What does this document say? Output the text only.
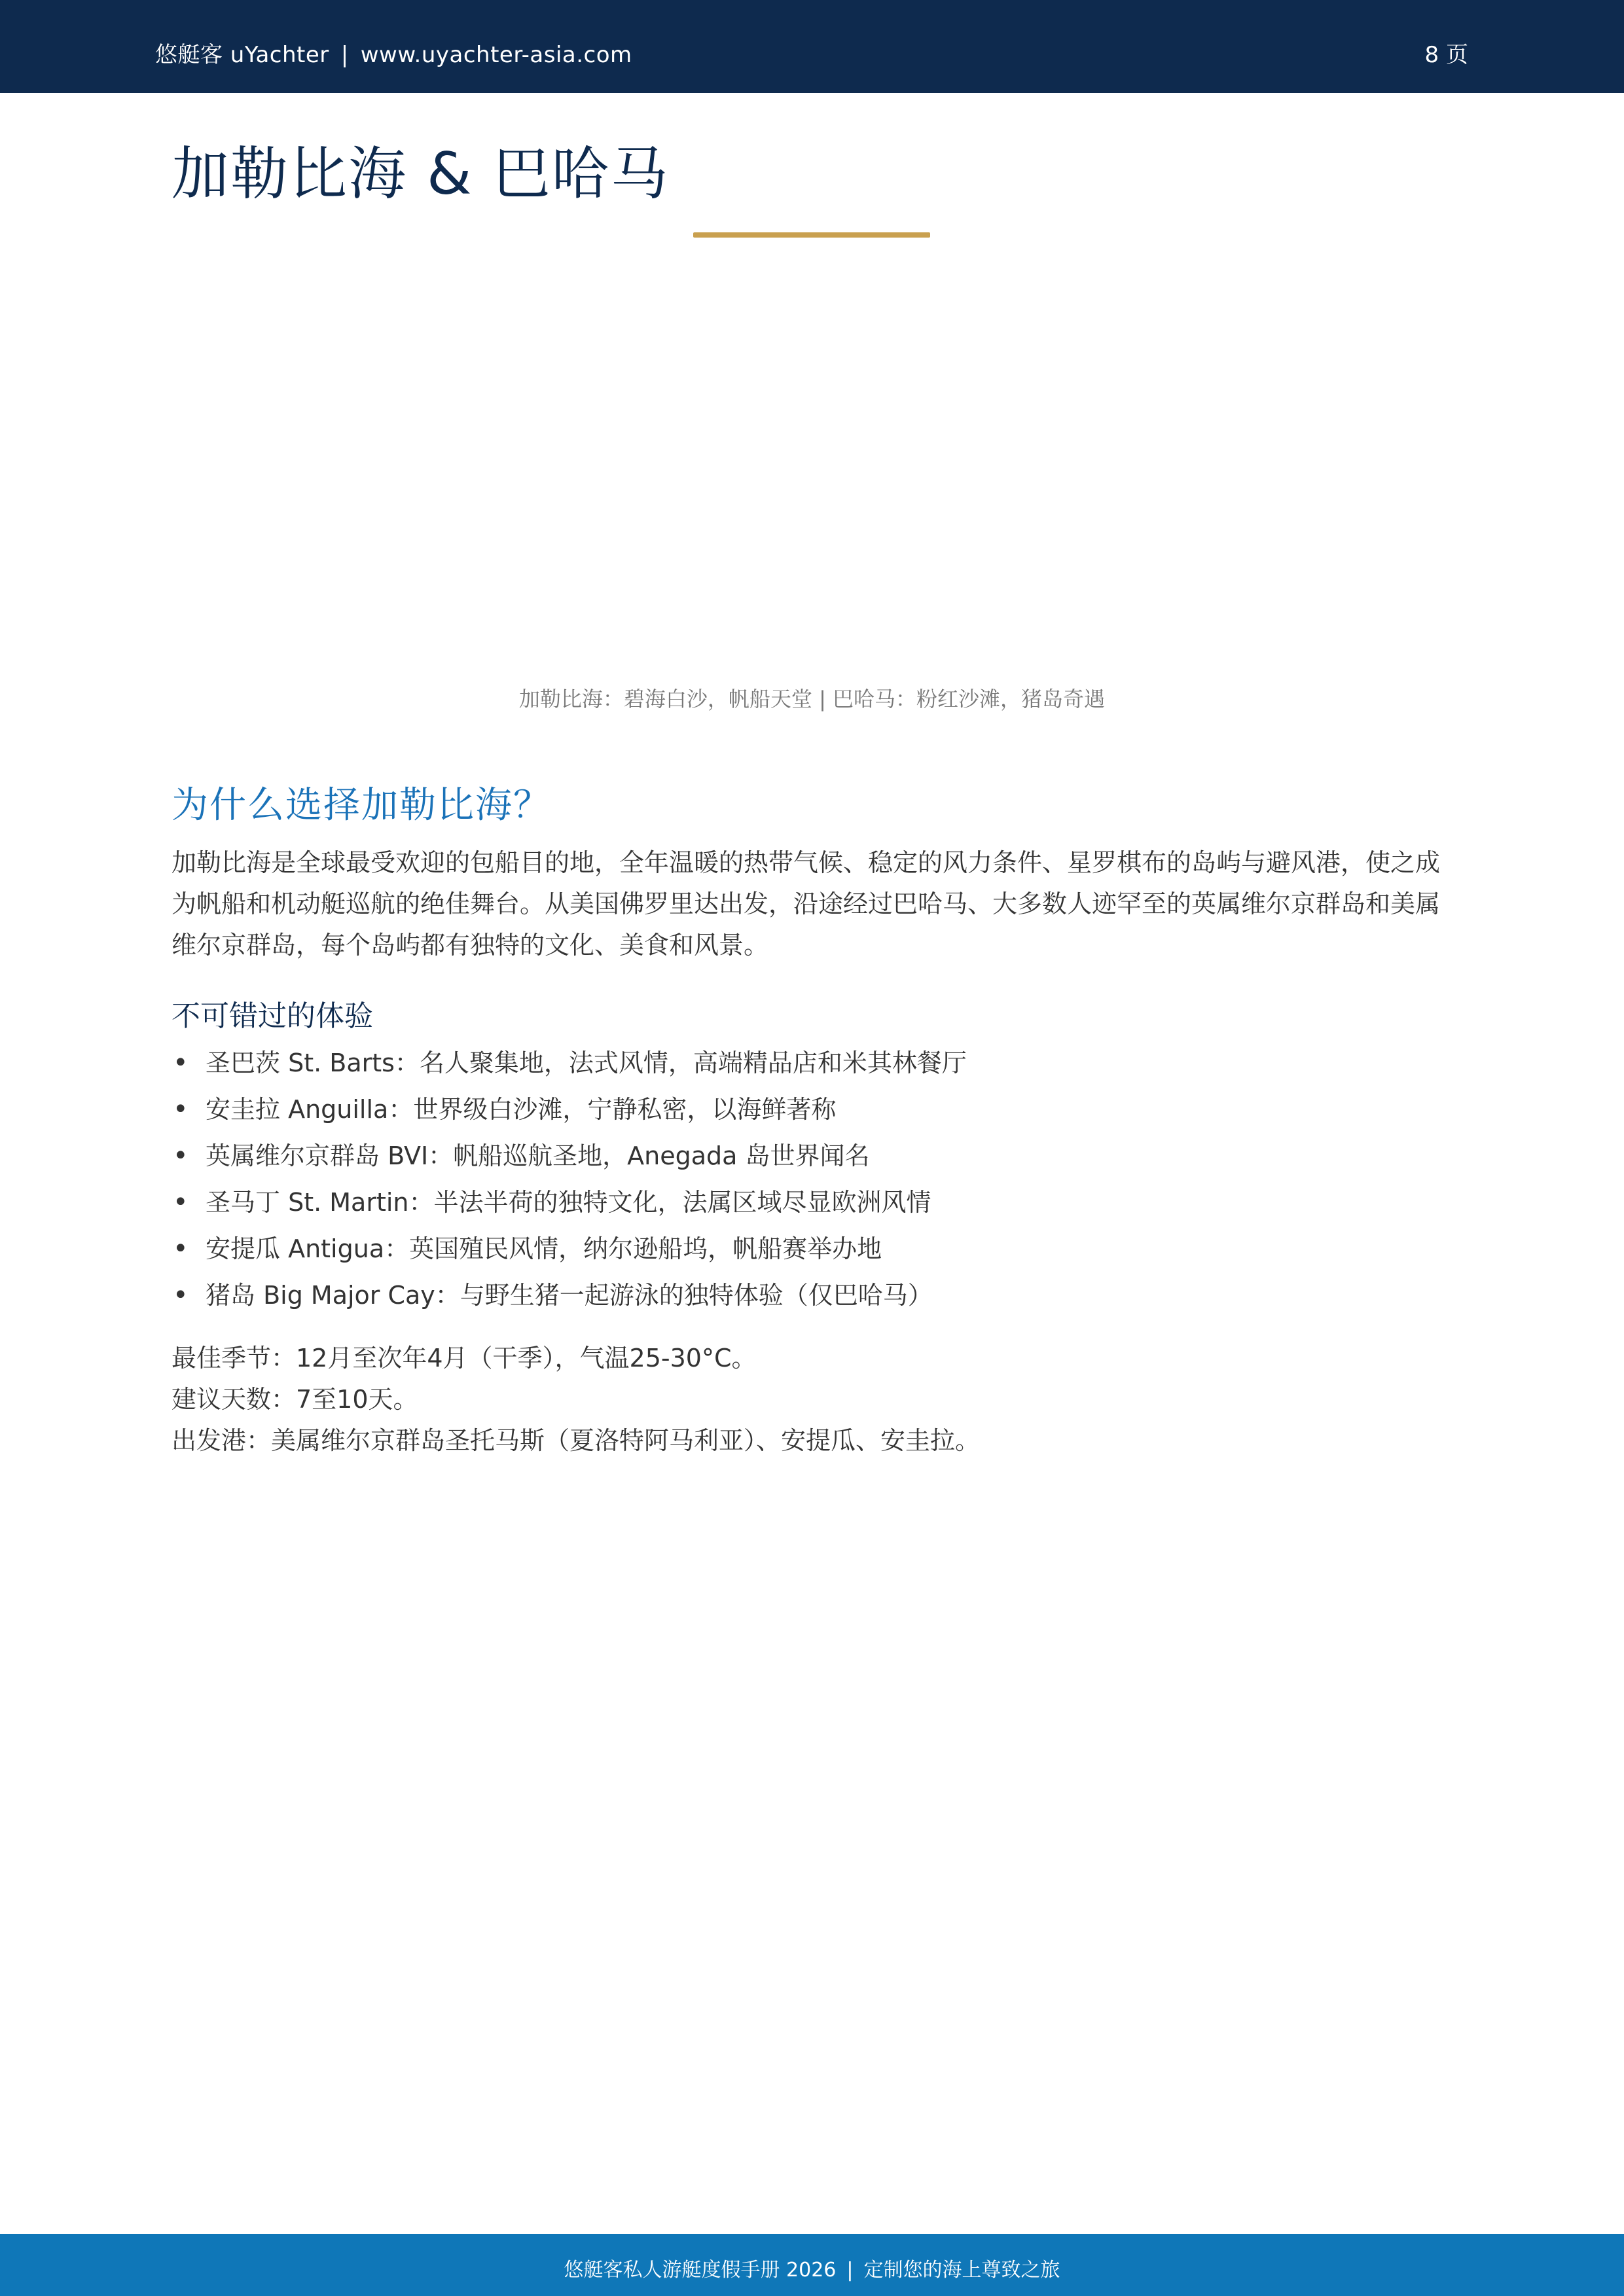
悠艇客 uYachter | www.uyachter-asia.com	8 页
加勒比海 & 巴哈马
加勒比海：碧海白沙，帆船天堂 | 巴哈马：粉红沙滩，猪岛奇遇
为什么选择加勒比海？

加勒比海是全球最受欢迎的包船目的地，全年温暖的热带气候、稳定的风力条件、星罗棋布的岛屿与避风港，使之成为帆船和机动艇巡航的绝佳舞台。从美国佛罗里达出发，沿途经过巴哈马、大多数人迹罕至的英属维尔京群岛和美属维尔京群岛，每个岛屿都有独特的文化、美食和风景。

不可错过的体验
• 圣巴茨 St. Barts：名人聚集地，法式风情，高端精品店和米其林餐厅
• 安圭拉 Anguilla：世界级白沙滩，宁静私密，以海鲜著称
• 英属维尔京群岛 BVI：帆船巡航圣地，Anegada 岛世界闻名
• 圣马丁 St. Martin：半法半荷的独特文化，法属区域尽显欧洲风情
• 安提瓜 Antigua：英国殖民风情，纳尔逊船坞，帆船赛举办地
• 猪岛 Big Major Cay：与野生猪一起游泳的独特体验（仅巴哈马）
最佳季节：12月至次年4月（干季），气温25-30°C。
建议天数：7至10天。
出发港：美属维尔京群岛圣托马斯（夏洛特阿马利亚）、安提瓜、安圭拉。
悠艇客私人游艇度假手册 2026 | 定制您的海上尊致之旅
